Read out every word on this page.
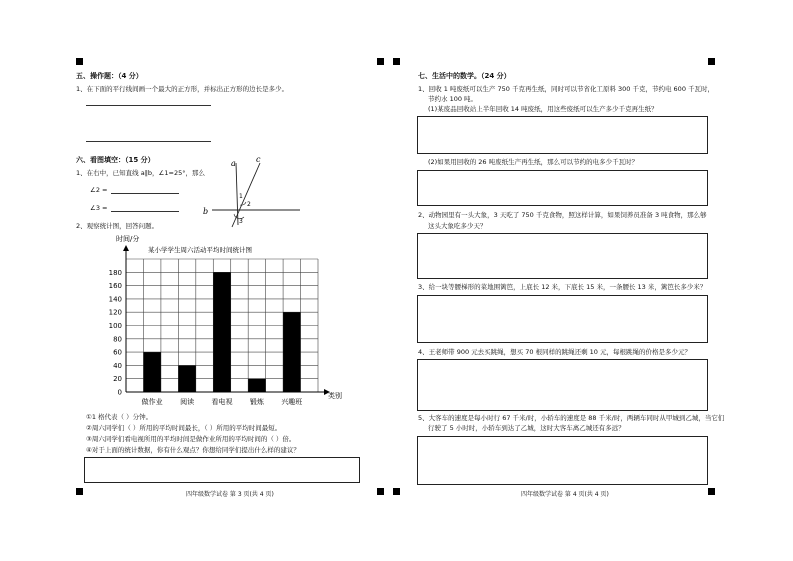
五、操作题：（4 分）
1、在下面的平行线间画一个最大的正方形，并标出正方形的边长是多少。
六、看图填空：（15 分）
1、在右中，已知直线 a∥b，∠1=25°，那么
∠2 =
∠3 =
a	c
b
1
2
3
2、观察统计图，回答问题。
时间/分
某小学学生周六活动平均时间统计图
类别
0
20
40
60
80
100
120
140
160
180
做作业 阅读 看电视 锻炼 兴趣班
①1 格代表（ ）分钟。
②周六同学们（ ）所用的平均时间最长，（ ）所用的平均时间最短。
③周六同学们看电视所用的平均时间是做作业所用的平均时间的（ ）倍。
④对于上面的统计数据，你有什么观点？你想给同学们提出什么样的建议？
四年级数学试卷 第 3 页(共 4 页)
七、生活中的数学。（24 分）
1、回收 1 吨废纸可以生产 750 千克再生纸，同时可以节省化工原料 300 千克，节约电 600 千瓦时，
节约水 100 吨。
(1)某废品回收站上半年回收 14 吨废纸，用这些废纸可以生产多少千克再生纸？
(2)如果用回收的 26 吨废纸生产再生纸，那么可以节约的电多少千瓦时？
2、动物园里有一头大象，3 天吃了 750 千克食物，照这样计算，如果饲养员准备 3 吨食物，那么够
这头大象吃多少天？
3、给一块等腰梯形的菜地围篱笆，上底长 12 米，下底长 15 米，一条腰长 13 米，篱笆长多少米？
4、王老师带 900 元去买跳绳，想买 70 根同样的跳绳还剩 10 元，每根跳绳的价格是多少元？
5、大客车的速度是每小时行 67 千米/时，小轿车的速度是 88 千米/时，两辆车同时从甲城到乙城，当它们
行驶了 5 小时时，小轿车到达了乙城，这时大客车离乙城还有多远？
四年级数学试卷 第 4 页(共 4 页)
